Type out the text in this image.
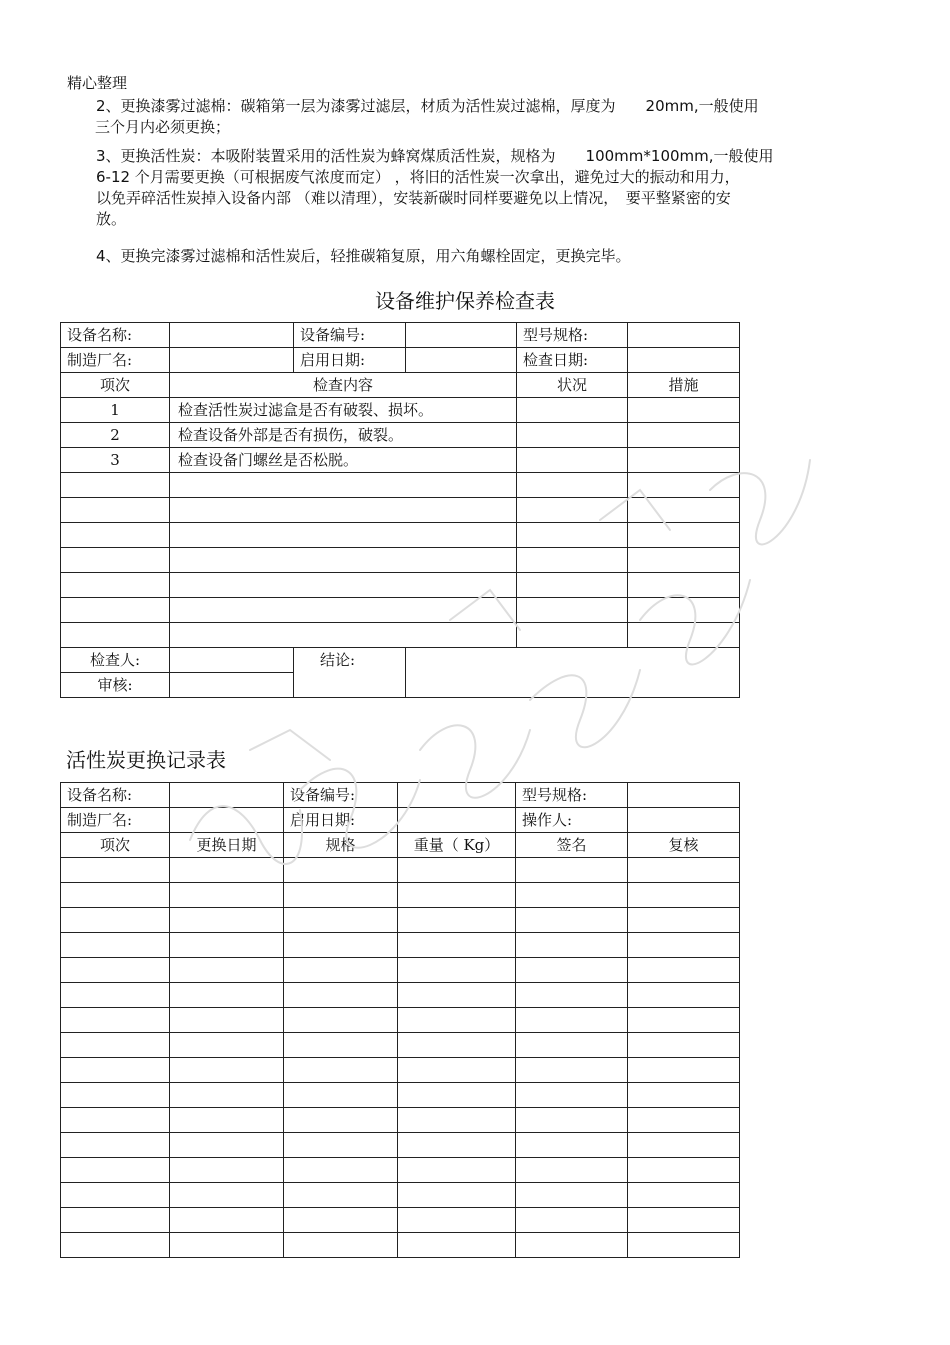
精心整理
2、更换漆雾过滤棉：碳箱第一层为漆雾过滤层，材质为活性炭过滤棉，厚度为　　20mm,一般使用
三个月内必须更换；
3、更换活性炭：本吸附装置采用的活性炭为蜂窝煤质活性炭，规格为　　100mm*100mm,一般使用
6-12 个月需要更换（可根据废气浓度而定） ，将旧的活性炭一次拿出，避免过大的振动和用力，
以免弄碎活性炭掉入设备内部 （难以清理），安装新碳时同样要避免以上情况，　要平整紧密的安
放。
4、更换完漆雾过滤棉和活性炭后，轻推碳箱复原，用六角螺栓固定，更换完毕。
设备维护保养检查表
设备名称:		设备编号:		型号规格:	
制造厂名:		启用日期:		检查日期:	
项次	检查内容			状况	措施
1	检查活性炭过滤盒是否有破裂、损坏。				
2	检查设备外部是否有损伤，破裂。				
3	检查设备门螺丝是否松脱。				

检查人:		结论:			
审核:					
活性炭更换记录表
设备名称:		设备编号:		型号规格:	
制造厂名:		启用日期:		操作人:	
项次	更换日期	规格	重量（ Kg）	签名	复核
